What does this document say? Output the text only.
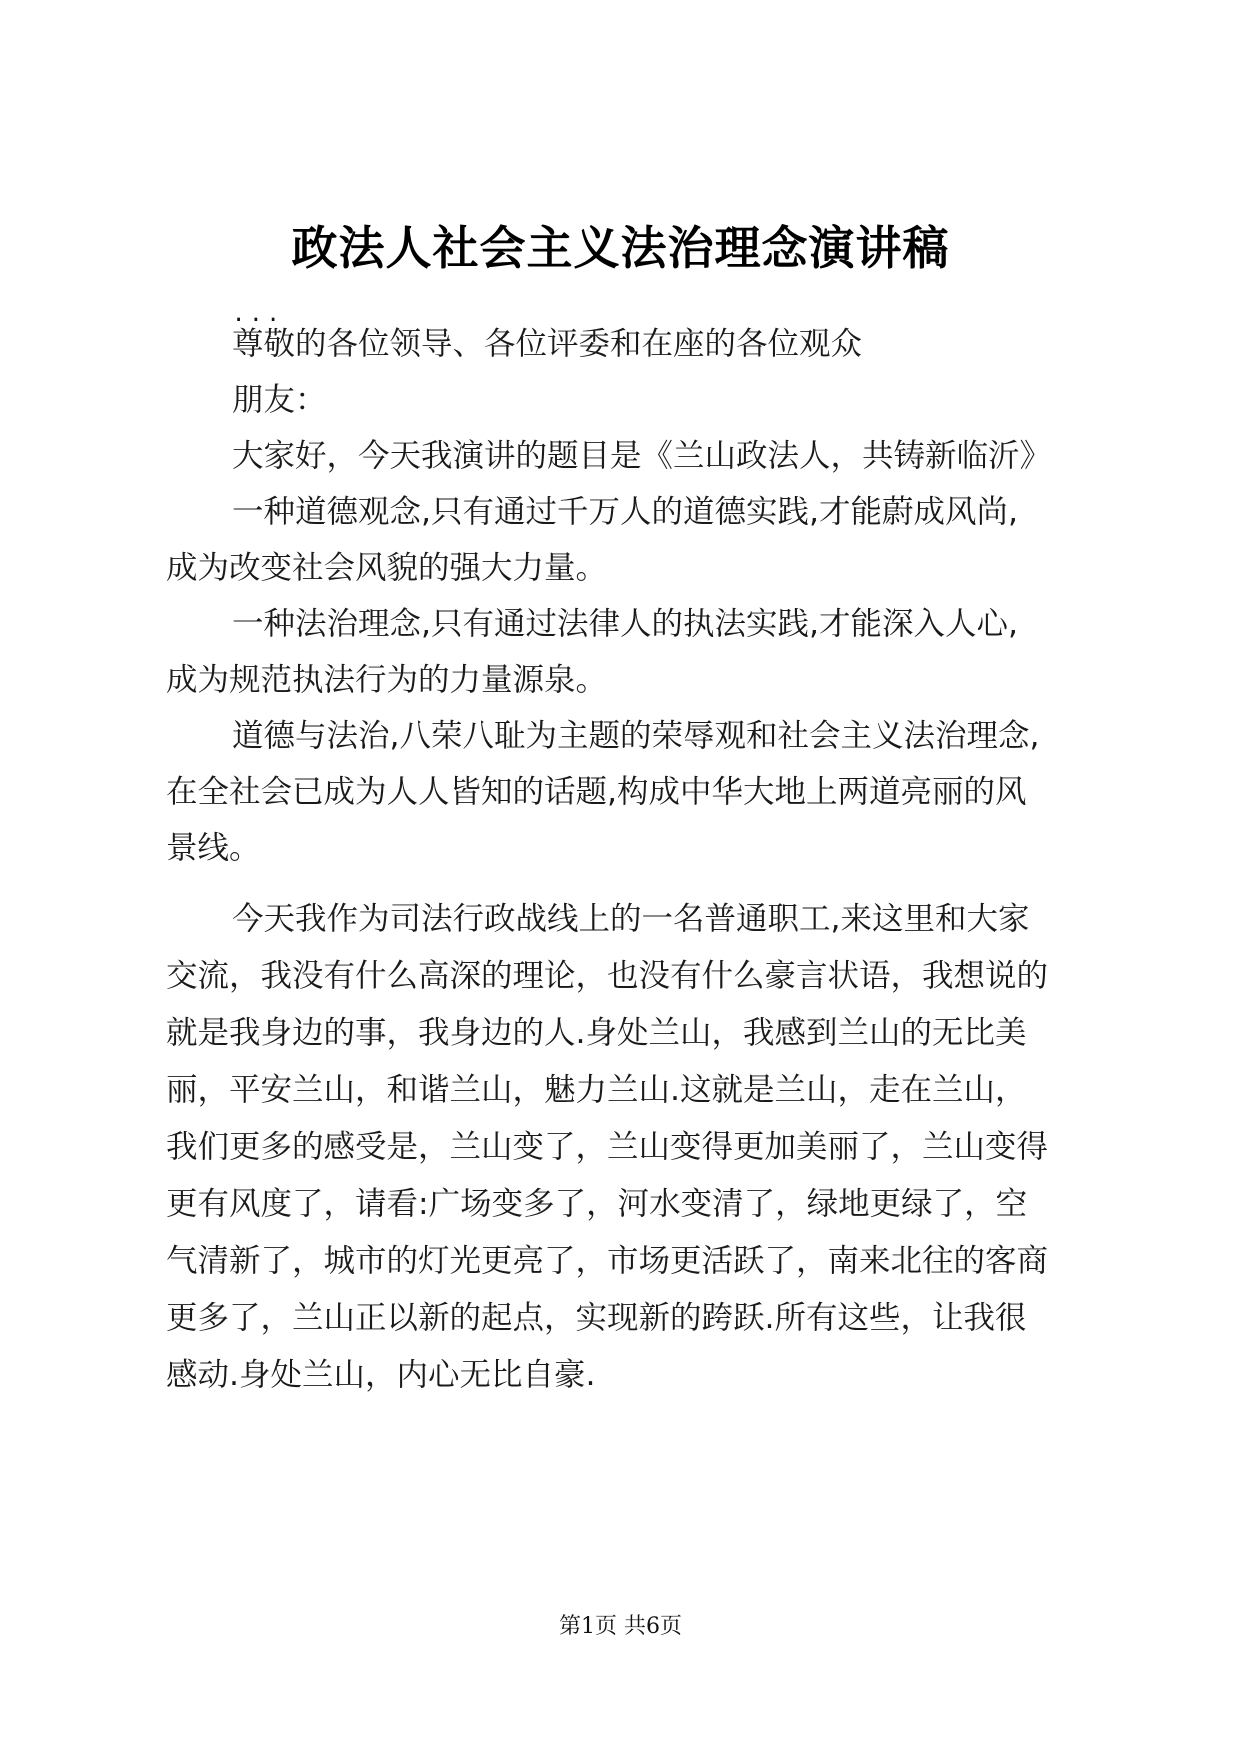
政法人社会主义法治理念演讲稿
...
尊敬的各位领导、各位评委和在座的各位观众
朋友：
大家好，今天我演讲的题目是《兰山政法人，共铸新临沂》
一种道德观念,只有通过千万人的道德实践,才能蔚成风尚,
成为改变社会风貌的强大力量。
一种法治理念,只有通过法律人的执法实践,才能深入人心,
成为规范执法行为的力量源泉。
道德与法治,八荣八耻为主题的荣辱观和社会主义法治理念,
在全社会已成为人人皆知的话题,构成中华大地上两道亮丽的风
景线。
今天我作为司法行政战线上的一名普通职工,来这里和大家
交流，我没有什么高深的理论，也没有什么豪言状语，我想说的
就是我身边的事，我身边的人.身处兰山，我感到兰山的无比美
丽，平安兰山，和谐兰山，魅力兰山.这就是兰山，走在兰山，
我们更多的感受是，兰山变了，兰山变得更加美丽了，兰山变得
更有风度了，请看:广场变多了，河水变清了，绿地更绿了，空
气清新了，城市的灯光更亮了，市场更活跃了，南来北往的客商
更多了，兰山正以新的起点，实现新的跨跃.所有这些，让我很
感动.身处兰山，内心无比自豪.
第1页 共6页
